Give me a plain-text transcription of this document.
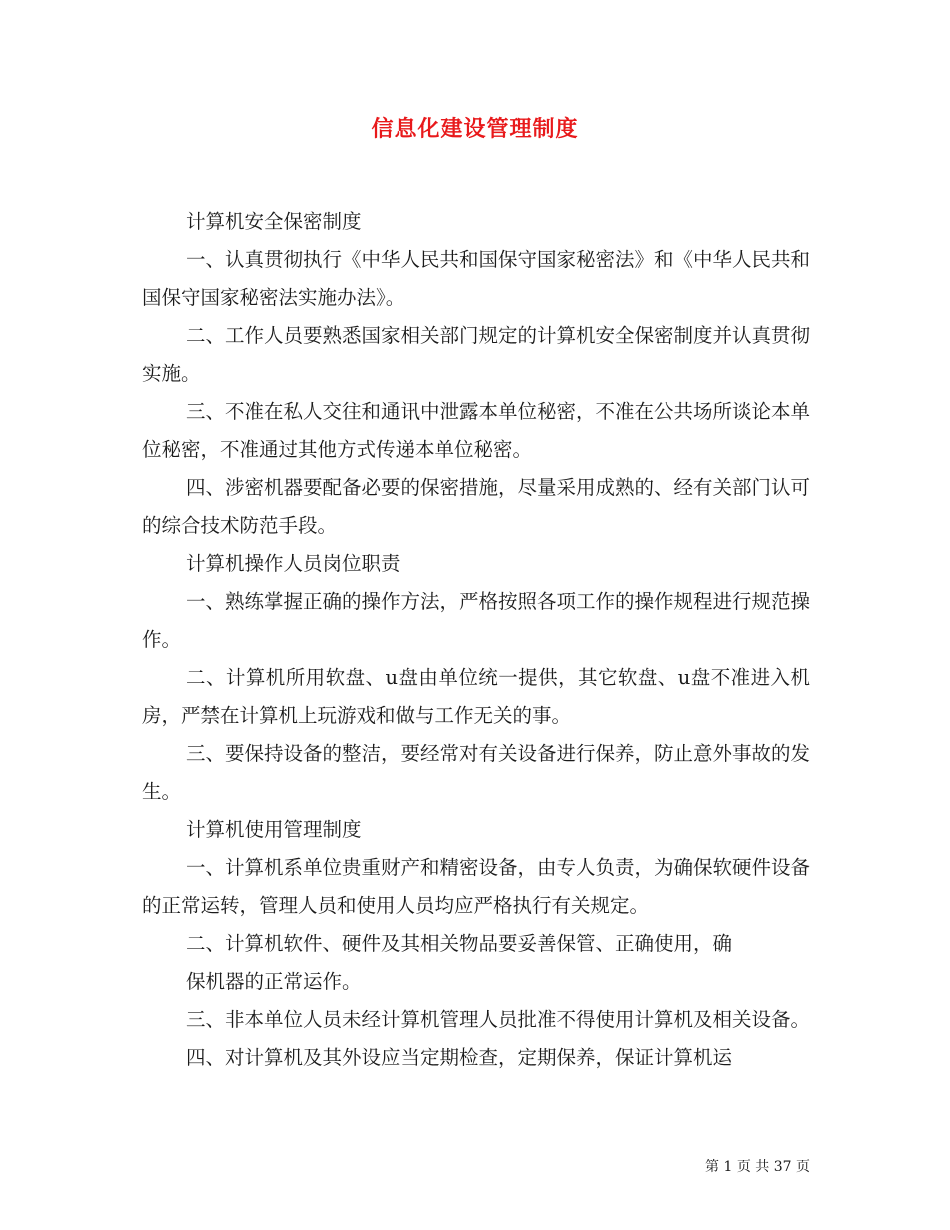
信息化建设管理制度

计算机安全保密制度

一、认真贯彻执行《中华人民共和国保守国家秘密法》和《中华人民共和国保守国家秘密法实施办法》。

二、工作人员要熟悉国家相关部门规定的计算机安全保密制度并认真贯彻实施。

三、不准在私人交往和通讯中泄露本单位秘密，不准在公共场所谈论本单位秘密，不准通过其他方式传递本单位秘密。

四、涉密机器要配备必要的保密措施，尽量采用成熟的、经有关部门认可的综合技术防范手段。

计算机操作人员岗位职责

一、熟练掌握正确的操作方法，严格按照各项工作的操作规程进行规范操作。

二、计算机所用软盘、u盘由单位统一提供，其它软盘、u盘不准进入机房，严禁在计算机上玩游戏和做与工作无关的事。

三、要保持设备的整洁，要经常对有关设备进行保养，防止意外事故的发生。

计算机使用管理制度

一、计算机系单位贵重财产和精密设备，由专人负责，为确保软硬件设备的正常运转，管理人员和使用人员均应严格执行有关规定。

二、计算机软件、硬件及其相关物品要妥善保管、正确使用，确

保机器的正常运作。

三、非本单位人员未经计算机管理人员批准不得使用计算机及相关设备。

四、对计算机及其外设应当定期检查，定期保养，保证计算机运

第 1 页 共 37 页
